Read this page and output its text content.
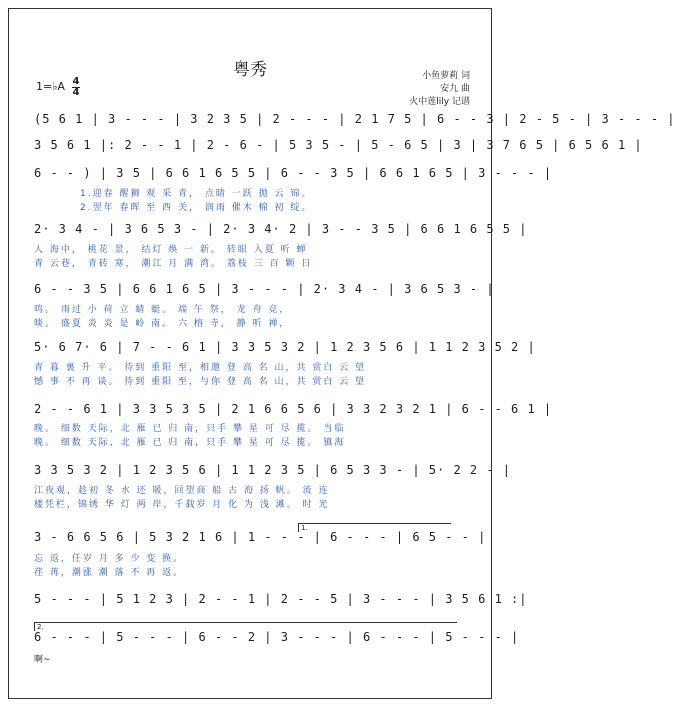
粤秀	小鱼萝莉 词
安九 曲
火中莲lily 记谱
1=♭A 4
4
(5 6 1 | 3 - - - | 3 2 3 5 | 2 - - - | 2 1 7 5 | 6 - - 3 | 2 - 5 - | 3 - - - |
3 5 6 1 |: 2 - - 1 | 2 - 6 - | 5 3 5 - | 5 - 6 5 | 3 | 3 7 6 5 | 6 5 6 1 |
6 - - ) | 3 5 | 6 6 1 6 5 5 | 6 - - 3 5 | 6 6 1 6 5 | 3 - - - |
1.迎春 醒狮 观 采 青， 点睛 一跃 抛 云 锦。
2.翌年 春晖 至 西 关， 润雨 催木 棉 初 绽。
2· 3 4 - | 3 6 5 3 - | 2· 3 4· 2 | 3 - - 3 5 | 6 6 1 6 5 5 |
人 海中， 桃花 景， 结灯 焕 一 新。 转眼 入夏 听 蝉
青 云巷， 青砖 寒， 潮江 月 满 湾。 荔枝 三 百 颗 日
6 - - 3 5 | 6 6 1 6 5 | 3 - - - | 2· 3 4 - | 3 6 5 3 - |
鸣。 雨过 小 荷 立 蜻 蜓。 端 午 祭， 龙 舟 竞，
啖。 盛夏 炎 炎 是 岭 南。 六 榕 寺， 静 听 禅，
5· 6 7· 6 | 7 - - 6 1 | 3 3 5 3 2 | 1 2 3 5 6 | 1 1 2 3 5 2 |
青 暮 裏 升 平。 待到 重阳 至，相邀 登 高 名 山，共 赏白 云 望
憾 事 不 再 谈。 待到 重阳 至，与你 登 高 名 山，共 赏白 云 望
2 - - 6 1 | 3 3 5 3 5 | 2 1 6 6 5 6 | 3 3 2 3 2 1 | 6 - - 6 1 |
晚。 细数 天际，北 雁 已 归 南，只手 攀 星 可 尽 揽。 当临
晚。 细数 天际，北 雁 已 归 南，只手 攀 星 可 尽 揽。 镇海
3 3 5 3 2 | 1 2 3 5 6 | 1 1 2 3 5 | 6 5 3 3 - | 5· 2 2 - |
江夜观，趁初 冬 水 还 暖，回望商 船 古 海 扬 帆。 流 连
楼凭栏，锦绣 华 灯 两 岸，千载岁 月 化 为 浅 滩。 时 光
1.
3 - 6 6 5 6 | 5 3 2 1 6 | 1 - - - | 6 - - - | 6 5 - - |
忘 返，任岁 月 多 少 变 换。
荏 苒，潮涨 潮 落 不 再 返。
5 - - - | 5 1 2 3 | 2 - - 1 | 2 - - 5 | 3 - - - | 3 5 6 1 :|
2.
6 - - - | 5 - - - | 6 - - 2 | 3 - - - | 6 - - - | 5 - - - |
啊~
